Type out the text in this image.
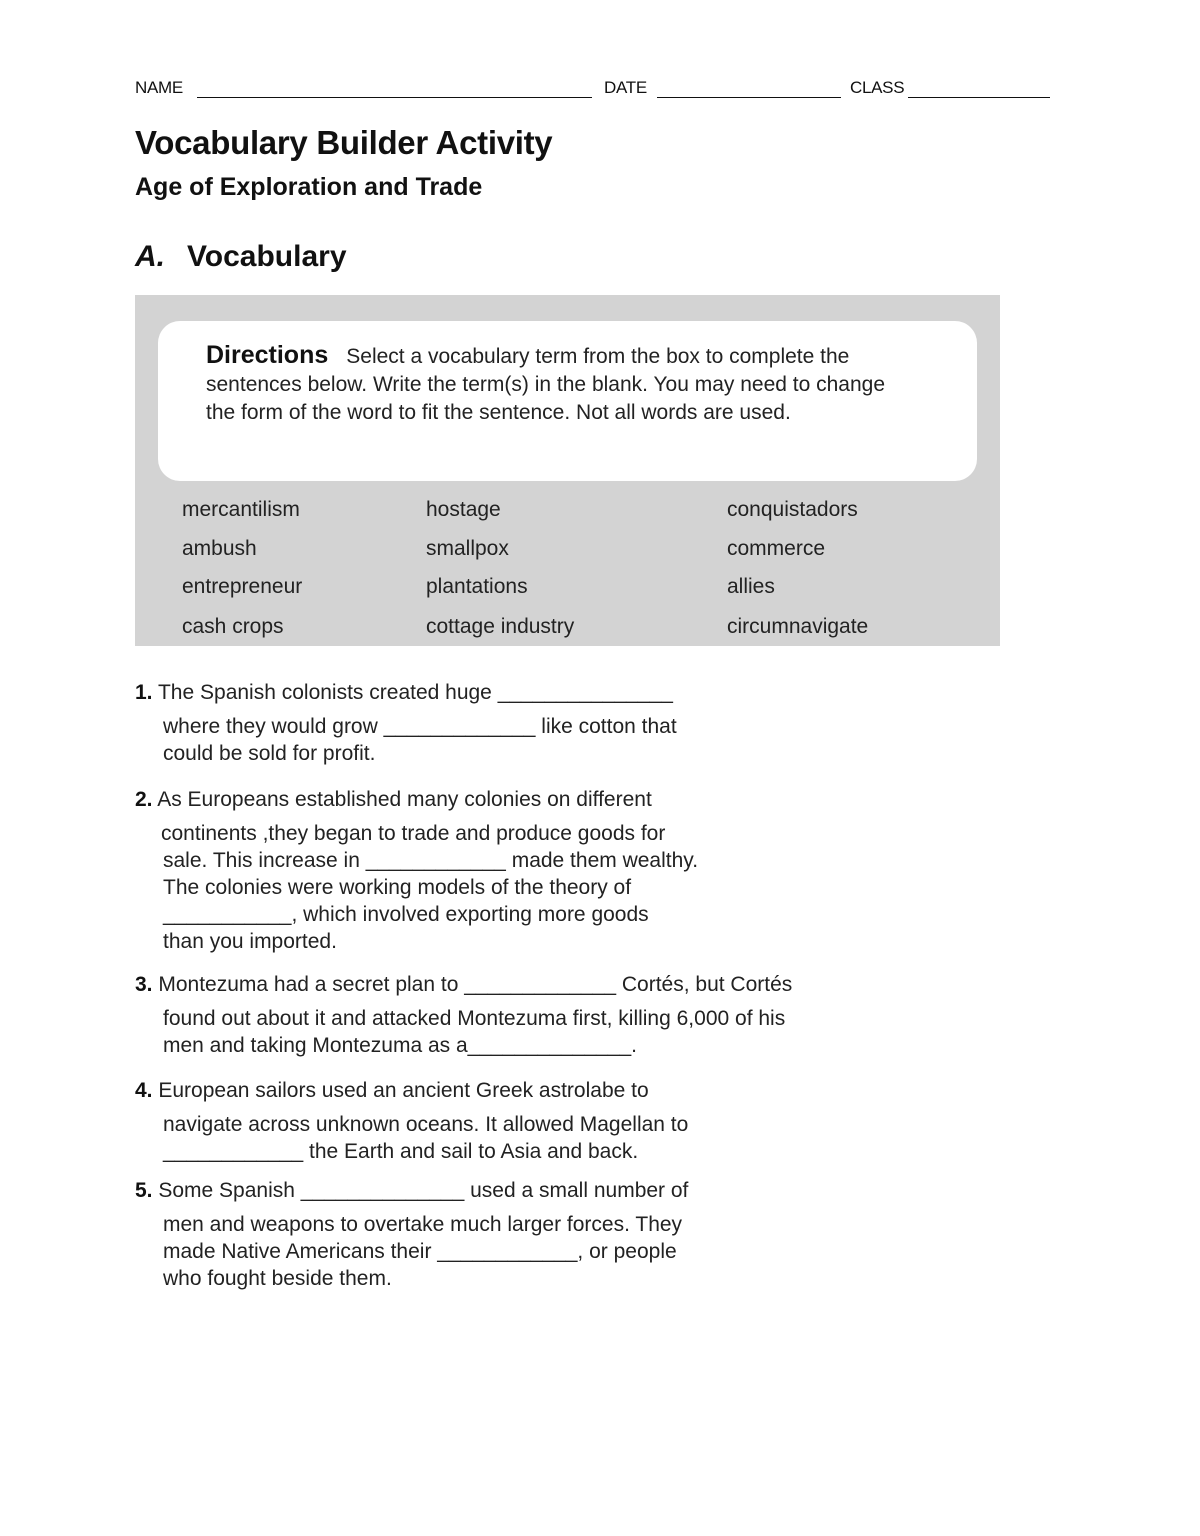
NAME	DATE	CLASS
Vocabulary Builder Activity
Age of Exploration and Trade
A. Vocabulary
Directions Select a vocabulary term from the box to complete the sentences below. Write the term(s) in the blank. You may need to change the form of the word to fit the sentence. Not all words are used.
mercantilism	hostage	conquistadors
ambush	smallpox	commerce
entrepreneur	plantations	allies
cash crops	cottage industry	circumnavigate
1. The Spanish colonists created huge _______________
where they would grow _____________ like cotton that
could be sold for profit.
2. As Europeans established many colonies on different
continents ,they began to trade and produce goods for
sale. This increase in ____________ made them wealthy.
The colonies were working models of the theory of
___________, which involved exporting more goods
than you imported.
3. Montezuma had a secret plan to _____________ Cortés, but Cortés
found out about it and attacked Montezuma first, killing 6,000 of his
men and taking Montezuma as a______________.
4. European sailors used an ancient Greek astrolabe to
navigate across unknown oceans. It allowed Magellan to
____________ the Earth and sail to Asia and back.
5. Some Spanish ______________ used a small number of
men and weapons to overtake much larger forces. They
made Native Americans their ____________, or people
who fought beside them.
